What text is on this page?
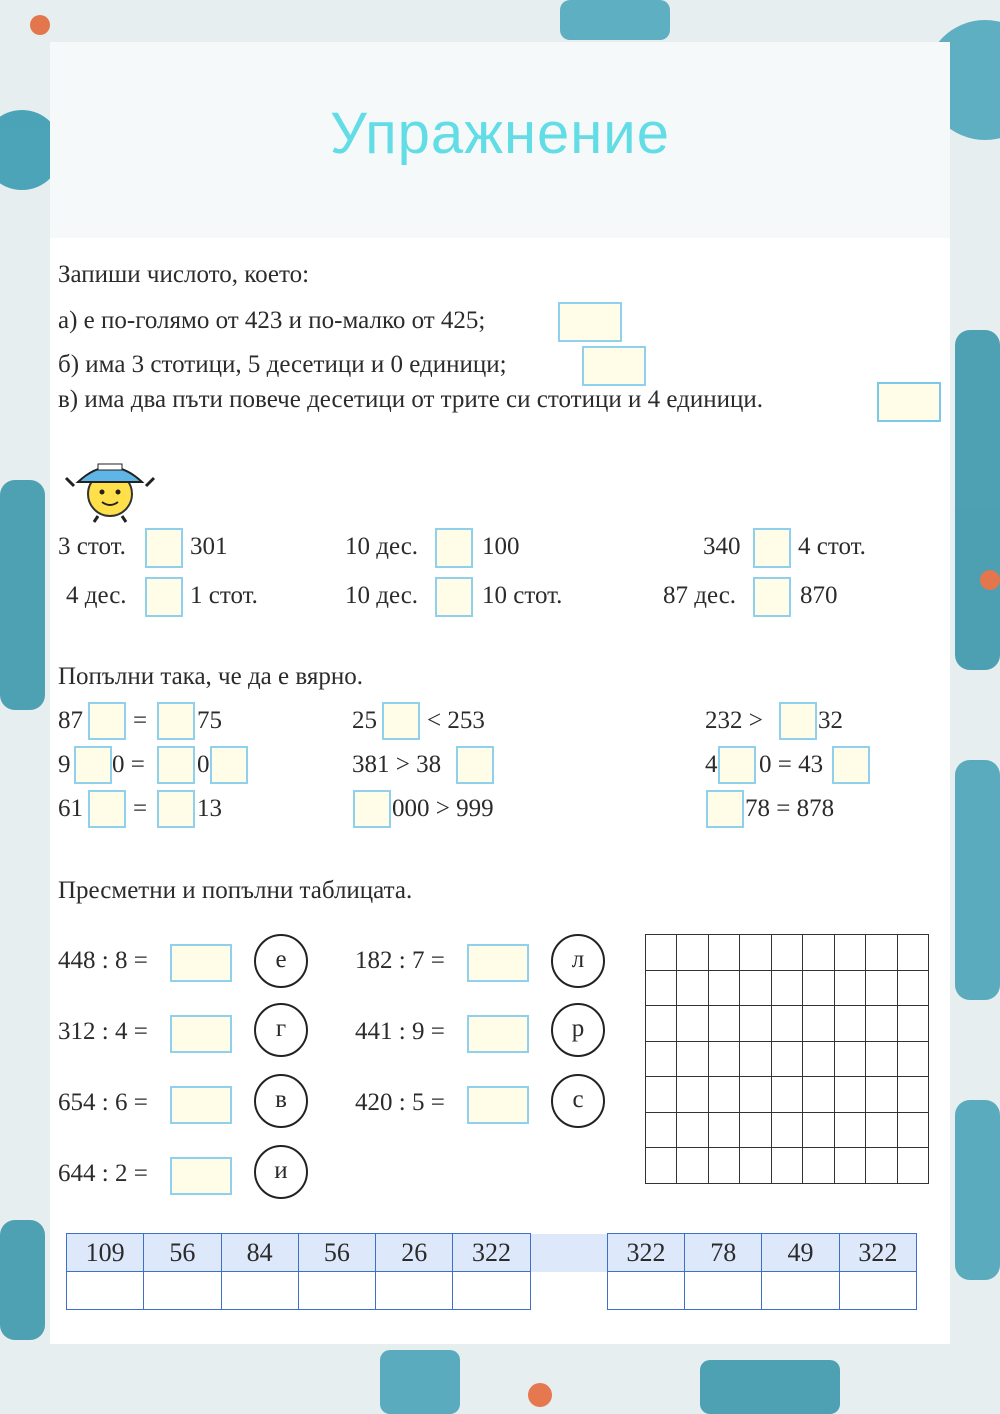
Упражнение
Запиши числото, което:
а) е по-голямо от 423 и по-малко от 425;
б) има 3 стотици, 5 десетици и 0 единици;
в) има два пъти повече десетици от трите си стотици и 4 единици.
3 стот.	301	10 дес.	100	340 4 стот.
4 дес.	1 стот.	10 дес.	10 стот.	87 дес.	870
Попълни така, че да е вярно.
87 = 75	25 < 253	232 > 32
9 0 = 0	381 > 38	4 0 = 43
61 = 13	000 > 999	78 = 878
Пресметни и попълни таблицата.
448 : 8 =	е
312 : 4 =	г
654 : 6 =	в
644 : 2 =	и
182 : 7 =	л
441 : 9 =	р
420 : 5 =	с

109	56	84	56	26	322		322	78	49	322
